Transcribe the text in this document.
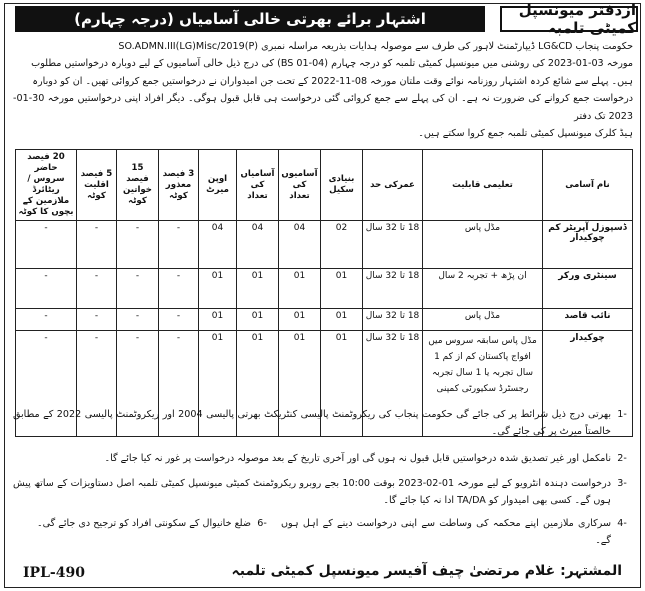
ازدفتر میونسپل کمیٹی تلمبہ
اشتہار برائے بھرتی خالی آسامیاں (درجہ چہارم)

حکومت پنجاب LG&CD ڈیپارٹمنٹ لاہور کی طرف سے موصولہ ہدایات بذریعہ مراسلہ نمبری SO.ADMN.III(LG)Misc/2019(P)

مورخہ 03-01-2023 کی روشنی میں میونسپل کمیٹی تلمبہ کو درجہ چہارم (BS 01-04) کی درج ذیل خالی آسامیوں کے لیے دوبارہ درخواستیں مطلوب

ہیں۔ پہلے سے شائع کردہ اشتہار روزنامہ نوائے وقت ملتان مورخہ 08-11-2022 کے تحت جن امیدواران نے درخواستیں جمع کروائی تھیں۔ ان کو دوبارہ

درخواست جمع کروانے کی ضرورت نہ ہے۔ ان کی پہلے سے جمع کروائی گئی درخواست ہی قابل قبول ہوگی۔ دیگر افراد اپنی درخواستیں مورخہ 30-01-2023 تک دفتر

ہیڈ کلرک میونسپل کمیٹی تلمبہ جمع کروا سکتے ہیں۔

نام آسامی	تعلیمی قابلیت	عمرکی حد	بنیادی سکیل	آسامیوں کی تعداد	آسامیاں کی تعداد	اوپن میرٹ	3 فیصد معذور کوٹہ	15 فیصد خواتین کوٹہ	5 فیصد اقلیت کوٹہ	20 فیصد حاضر سروس / ریٹائرڈ ملازمین کے بچوں کا کوٹہ
ڈسپوزل آپریٹر کم چوکیدار	مڈل پاس	18 تا 32 سال	02	04	04	04	-	-	-	-
سینٹری ورکر	ان پڑھ + تجربہ 2 سال	18 تا 32 سال	01	01	01	01	-	-	-	-
نائب قاصد	مڈل پاس	18 تا 32 سال	01	01	01	01	-	-	-	-
چوکیدار	مڈل پاس سابقہ سروس میں افواج پاکستان کم از کم 1 سال تجربہ یا 1 سال تجربہ رجسٹرڈ سکیورٹی کمپنی	18 تا 32 سال	01	01	01	01	-	-	-	-
-1
بھرتی درج ذیل شرائط پر کی جائے گی حکومت پنجاب کی ریکروٹمنٹ پالیسی کنٹریکٹ بھرتی پالیسی 2004 اور ریکروٹمنٹ پالیسی 2022 کے مطابق خالصتاً میرٹ پر کی جائے گی۔
-2
نامکمل اور غیر تصدیق شدہ درخواستیں قابل قبول نہ ہوں گی اور آخری تاریخ کے بعد موصولہ درخواست پر غور نہ کیا جائے گا۔
-3
درخواست دہندہ انٹرویو کے لیے مورخہ 01-02-2023 بوقت 10:00 بجے روبرو ریکروٹمنٹ کمیٹی میونسپل کمیٹی تلمبہ اصل دستاویزات کے ساتھ پیش ہوں گے۔ کسی بھی امیدوار کو TA/DA ادا نہ کیا جائے گا۔
-4
سرکاری ملازمین اپنے محکمہ کی وساطت سے اپنی درخواست دینے کے اہل ہوں گے۔
-6
ضلع خانیوال کے سکونتی افراد کو ترجیح دی جائے گی۔
المشتہر: غلام مرتضیٰ چیف آفیسر میونسپل کمیٹی تلمبہ
IPL-490
